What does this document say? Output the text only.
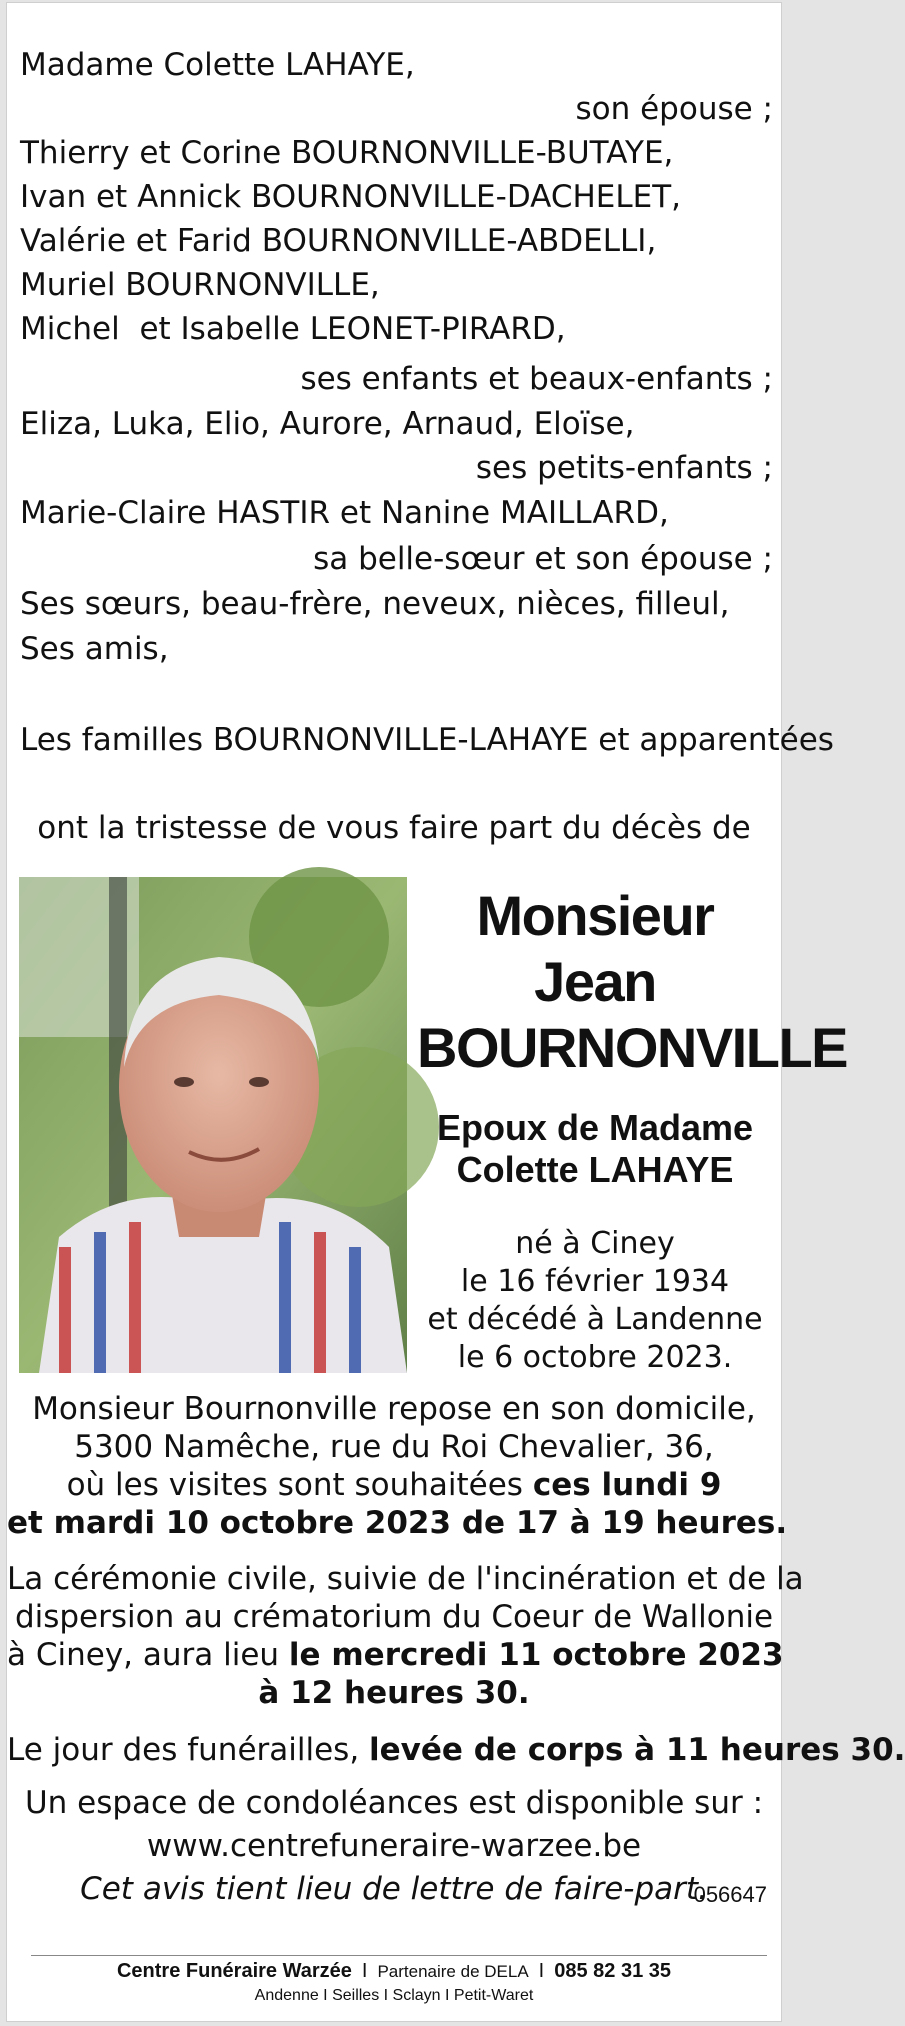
Madame Colette LAHAYE,
son épouse ;
Thierry et Corine BOURNONVILLE-BUTAYE,
Ivan et Annick BOURNONVILLE-DACHELET,
Valérie et Farid BOURNONVILLE-ABDELLI,
Muriel BOURNONVILLE,
Michel  et Isabelle LEONET-PIRARD,
ses enfants et beaux-enfants ;
Eliza, Luka, Elio, Aurore, Arnaud, Eloïse,
ses petits-enfants ;
Marie-Claire HASTIR et Nanine MAILLARD,
sa belle-sœur et son épouse ;
Ses sœurs, beau-frère, neveux, nièces, filleul,
Ses amis,
Les familles BOURNONVILLE-LAHAYE et apparentées
ont la tristesse de vous faire part du décès de
Monsieur
Jean
BOURNONVILLE
Epoux de Madame
Colette LAHAYE
né à Ciney
le 16 février 1934
et décédé à Landenne
le 6 octobre 2023.
Monsieur Bournonville repose en son domicile,
5300 Namêche, rue du Roi Chevalier, 36,
où les visites sont souhaitées ces lundi 9
et mardi 10 octobre 2023 de 17 à 19 heures.
La cérémonie civile, suivie de l'incinération et de la
dispersion au crématorium du Coeur de Wallonie
à Ciney, aura lieu le mercredi 11 octobre 2023
à 12 heures 30.
Le jour des funérailles, levée de corps à 11 heures 30.
Un espace de condoléances est disponible sur :
www.centrefuneraire-warzee.be
Cet avis tient lieu de lettre de faire-part.
056647
Centre Funéraire Warzée I Partenaire de DELA I 085 82 31 35
Andenne I Seilles I Sclayn I Petit-Waret
